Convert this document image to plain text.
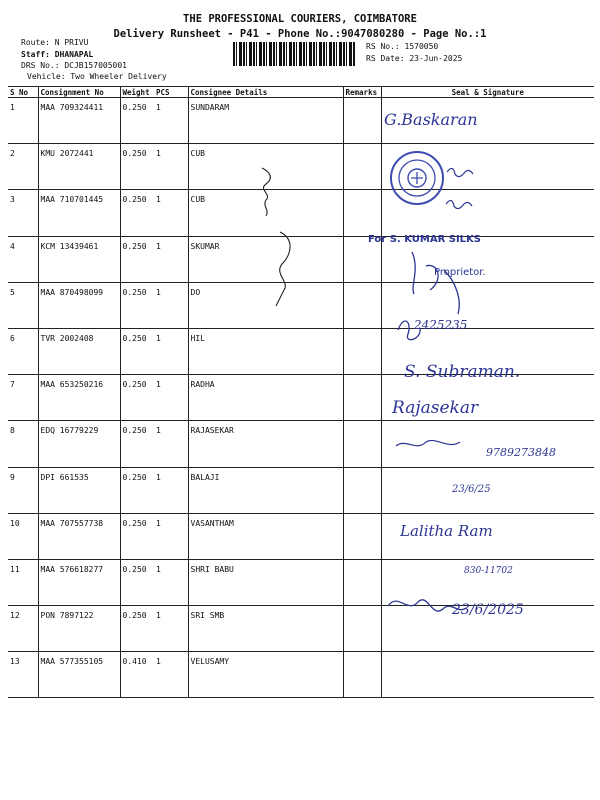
THE PROFESSIONAL COURIERS, COIMBATORE
Delivery Runsheet - P41 - Phone No.:9047080280 - Page No.:1
Route: N PRIVU
Staff: DHANAPAL
DRS No.: DCJB157005001
Vehicle: Two Wheeler Delivery
RS No.: 1570050
RS Date: 23-Jun-2025
S No	Consignment No	Weight	PCS	Consignee Details	Remarks	Seal & Signature
1	MAA 709324411	0.250	1	SUNDARAM		
2	KMU 2072441	0.250	1	CUB		
3	MAA 710701445	0.250	1	CUB		
4	KCM 13439461	0.250	1	SKUMAR		
5	MAA 870498099	0.250	1	DO		
6	TVR 2002408	0.250	1	HIL		
7	MAA 653250216	0.250	1	RADHA		
8	EDQ 16779229	0.250	1	RAJASEKAR		
9	DPI 661535	0.250	1	BALAJI		
10	MAA 707557738	0.250	1	VASANTHAM		
11	MAA 576618277	0.250	1	SHRI BABU		
12	PON 7897122	0.250	1	SRI SMB		
13	MAA 577355105	0.410	1	VELUSAMY		
G.Baskaran
For S. KUMAR SILKS
Proprietor.
2425235
S. Subraman.
Rajasekar
9789273848
23/6/25
Lalitha Ram
830-11702
23/6/2025
